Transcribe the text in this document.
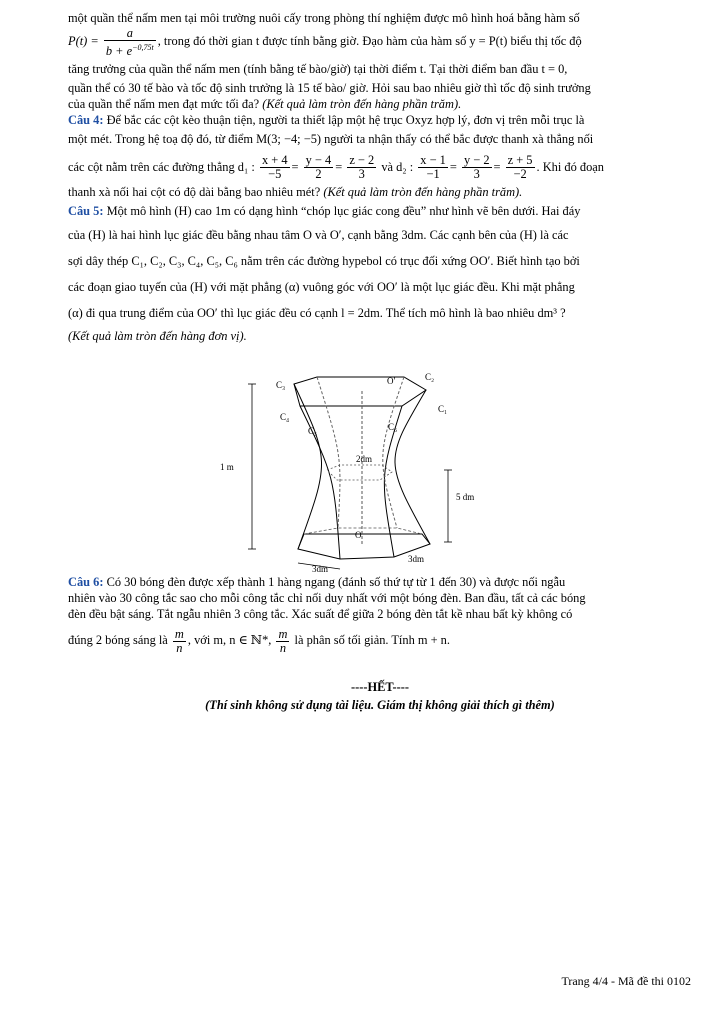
một quần thể nấm men tại môi trường nuôi cấy trong phòng thí nghiệm được mô hình hoá bằng hàm số

$P(t) = \frac{a}{b + e^{-0,75t}}$ , trong đó thời gian t được tính bằng giờ. Đạo hàm của hàm số y = P(t) biểu thị tốc độ

tăng trưởng của quần thể nấm men (tính bằng tế bào/giờ) tại thời điểm t. Tại thời điểm ban đầu t = 0,

quần thể có 30 tế bào và tốc độ sinh trưởng là 15 tế bào/ giờ. Hỏi sau bao nhiêu giờ thì tốc độ sinh trưởng

của quần thể nấm men đạt mức tối đa? (Kết quả làm tròn đến hàng phần trăm).

Câu 4: Để bắc các cột kèo thuận tiện, người ta thiết lập một hệ trục Oxyz hợp lý, đơn vị trên mỗi trục là

một mét. Trong hệ toạ độ đó, từ điểm M(3; −4; −5) người ta nhận thấy có thể bắc được thanh xà thẳng nối

các cột nằm trên các đường thẳng d₁ : $\frac{x + 4}{-5} = \frac{y - 4}{2} = \frac{z - 2}{3}$ và d₂ : $\frac{x - 1}{-1} = \frac{y - 2}{3} = \frac{z + 5}{-2}$ . Khi đó đoạn

thanh xà nối hai cột có độ dài bằng bao nhiêu mét? (Kết quả làm tròn đến hàng phần trăm).

Câu 5: Một mô hình (H) cao 1m có dạng hình “chóp lục giác cong đều” như hình vẽ bên dưới. Hai đáy

của (H) là hai hình lục giác đều bằng nhau tâm O và O′, cạnh bằng 3dm. Các cạnh bên của (H) là các

sợi dây thép C₁, C₂, C₃, C₄, C₅, C₆ nằm trên các đường hypebol có trục đối xứng OO′. Biết hình tạo bởi

các đoạn giao tuyến của (H) với mặt phẳng (α) vuông góc với OO′ là một lục giác đều. Khi mặt phẳng

(α) đi qua trung điểm của OO′ thì lục giác đều có cạnh l = 2dm. Thể tích mô hình là bao nhiêu dm³ ?

(Kết quả làm tròn đến hàng đơn vị).

C₃	O′	C₂
C₁
C₄
C₅	C₆
1 m
2dm
5 dm
O
3dm
3dm

Câu 6: Có 30 bóng đèn được xếp thành 1 hàng ngang (đánh số thứ tự từ 1 đến 30) và được nối ngẫu

nhiên vào 30 công tắc sao cho mỗi công tắc chỉ nối duy nhất với một bóng đèn. Ban đầu, tất cả các bóng

đèn đều bật sáng. Tắt ngẫu nhiên 3 công tắc. Xác suất để giữa 2 bóng đèn tắt kề nhau bất kỳ không có

đúng 2 bóng sáng là $\frac{m}{n}$ , với m, n ∈ ℕ*, $\frac{m}{n}$ là phân số tối giản. Tính m + n.

----HẾT----
(Thí sinh không sử dụng tài liệu. Giám thị không giải thích gì thêm)
Trang 4/4 - Mã đề thi 0102
